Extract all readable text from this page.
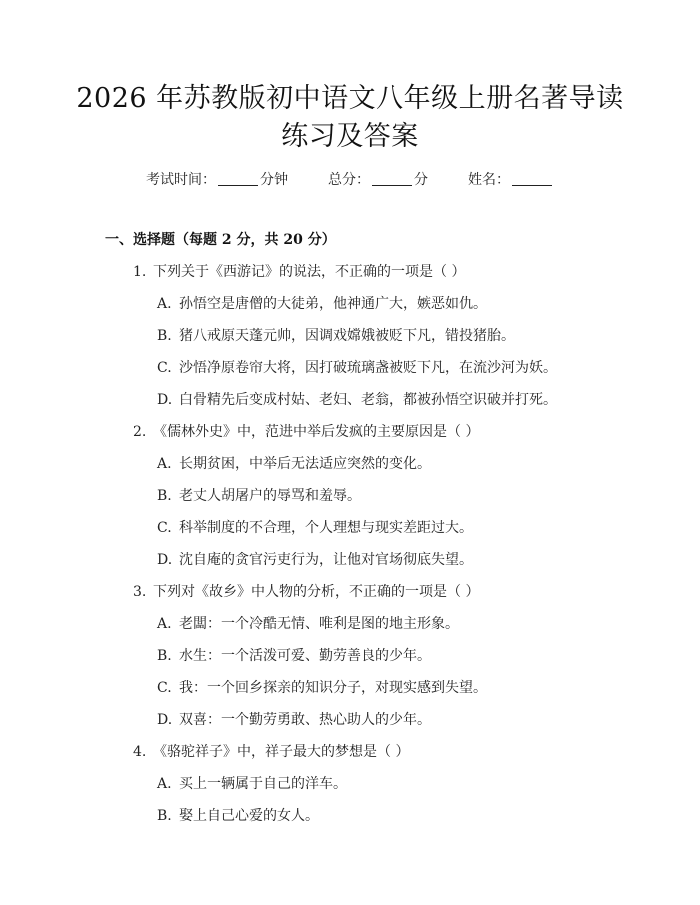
2026 年苏教版初中语文八年级上册名著导读
练习及答案
考试时间：	分钟	总分：	分	姓名：
一、选择题（每题 2 分，共 20 分）
1. 下列关于《西游记》的说法，不正确的一项是（ ）
A. 孙悟空是唐僧的大徒弟，他神通广大，嫉恶如仇。
B. 猪八戒原天蓬元帅，因调戏嫦娥被贬下凡，错投猪胎。
C. 沙悟净原卷帘大将，因打破琉璃盏被贬下凡，在流沙河为妖。
D. 白骨精先后变成村姑、老妇、老翁，都被孙悟空识破并打死。
2. 《儒林外史》中，范进中举后发疯的主要原因是（ ）
A. 长期贫困，中举后无法适应突然的变化。
B. 老丈人胡屠户的辱骂和羞辱。
C. 科举制度的不合理，个人理想与现实差距过大。
D. 沈自庵的贪官污吏行为，让他对官场彻底失望。
3. 下列对《故乡》中人物的分析，不正确的一项是（ ）
A. 老闆：一个冷酷无情、唯利是图的地主形象。
B. 水生：一个活泼可爱、勤劳善良的少年。
C. 我：一个回乡探亲的知识分子，对现实感到失望。
D. 双喜：一个勤劳勇敢、热心助人的少年。
4. 《骆驼祥子》中，祥子最大的梦想是（ ）
A. 买上一辆属于自己的洋车。
B. 娶上自己心爱的女人。
